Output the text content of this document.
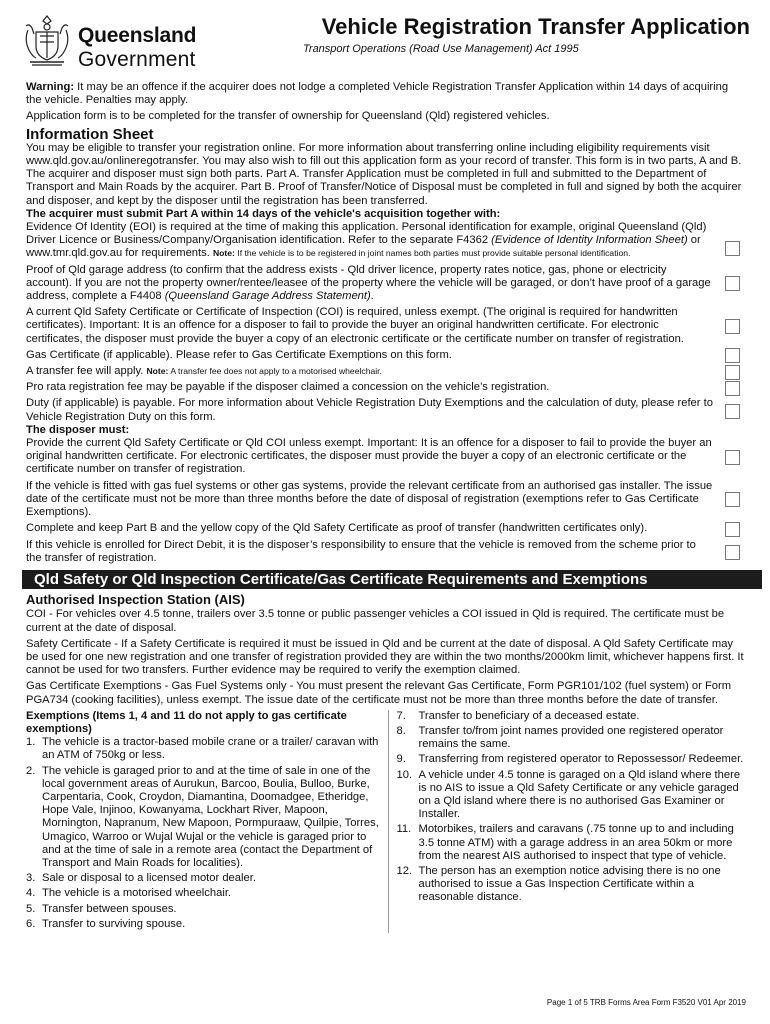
Queensland
Government
Vehicle Registration Transfer Application
Transport Operations (Road Use Management) Act 1995

Warning: It may be an offence if the acquirer does not lodge a completed Vehicle Registration Transfer Application within 14 days of acquiring the vehicle. Penalties may apply.

Application form is to be completed for the transfer of ownership for Queensland (Qld) registered vehicles.

Information Sheet

You may be eligible to transfer your registration online. For more information about transferring online including eligibility requirements visit www.qld.gov.au/onlineregotransfer. You may also wish to fill out this application form as your record of transfer. This form is in two parts, A and B. The acquirer and disposer must sign both parts. Part A. Transfer Application must be completed in full and submitted to the Department of Transport and Main Roads by the acquirer. Part B. Proof of Transfer/Notice of Disposal must be completed in full and signed by both the acquirer and disposer, and kept by the disposer until the registration has been transferred.

The acquirer must submit Part A within 14 days of the vehicle's acquisition together with:
Evidence Of Identity (EOI) is required at the time of making this application. Personal identification for example, original Queensland (Qld) Driver Licence or Business/Company/Organisation identification. Refer to the separate F4362 (Evidence of Identity Information Sheet) or www.tmr.qld.gov.au for requirements. Note: If the vehicle is to be registered in joint names both parties must provide suitable personal identification.
Proof of Qld garage address (to confirm that the address exists - Qld driver licence, property rates notice, gas, phone or electricity account). If you are not the property owner/rentee/leasee of the property where the vehicle will be garaged, or don’t have proof of a garage address, complete a F4408 (Queensland Garage Address Statement).
A current Qld Safety Certificate or Certificate of Inspection (COI) is required, unless exempt. (The original is required for handwritten certificates). Important: It is an offence for a disposer to fail to provide the buyer an original handwritten certificate. For electronic certificates, the disposer must provide the buyer a copy of an electronic certificate or the certificate number on transfer of registration.
Gas Certificate (if applicable). Please refer to Gas Certificate Exemptions on this form.
A transfer fee will apply. Note: A transfer fee does not apply to a motorised wheelchair.
Pro rata registration fee may be payable if the disposer claimed a concession on the vehicle’s registration.
Duty (if applicable) is payable. For more information about Vehicle Registration Duty Exemptions and the calculation of duty, please refer to Vehicle Registration Duty on this form.
The disposer must:
Provide the current Qld Safety Certificate or Qld COI unless exempt. Important: It is an offence for a disposer to fail to provide the buyer an original handwritten certificate. For electronic certificates, the disposer must provide the buyer a copy of an electronic certificate or the certificate number on transfer of registration.
If the vehicle is fitted with gas fuel systems or other gas systems, provide the relevant certificate from an authorised gas installer. The issue date of the certificate must not be more than three months before the date of disposal of registration (exemptions refer to Gas Certificate Exemptions).
Complete and keep Part B and the yellow copy of the Qld Safety Certificate as proof of transfer (handwritten certificates only).
If this vehicle is enrolled for Direct Debit, it is the disposer’s responsibility to ensure that the vehicle is removed from the scheme prior to the transfer of registration.
Qld Safety or Qld Inspection Certificate/Gas Certificate Requirements and Exemptions
Authorised Inspection Station (AIS)

COI - For vehicles over 4.5 tonne, trailers over 3.5 tonne or public passenger vehicles a COI issued in Qld is required. The certificate must be current at the date of disposal.

Safety Certificate - If a Safety Certificate is required it must be issued in Qld and be current at the date of disposal. A Qld Safety Certificate may be used for one new registration and one transfer of registration provided they are within the two months/2000km limit, whichever happens first. It cannot be used for two transfers. Further evidence may be required to verify the exemption claimed.

Gas Certificate Exemptions - Gas Fuel Systems only - You must present the relevant Gas Certificate, Form PGR101/102 (fuel system) or Form PGA734 (cooking facilities), unless exempt. The issue date of the certificate must not be more than three months before the date of transfer.

Exemptions (Items 1, 4 and 11 do not apply to gas certificate exemptions)
1. The vehicle is a tractor-based mobile crane or a trailer/ caravan with an ATM of 750kg or less.
2. The vehicle is garaged prior to and at the time of sale in one of the local government areas of Aurukun, Barcoo, Boulia, Bulloo, Burke, Carpentaria, Cook, Croydon, Diamantina, Doomadgee, Etheridge, Hope Vale, Injinoo, Kowanyama, Lockhart River, Mapoon, Mornington, Napranum, New Mapoon, Pormpuraaw, Quilpie, Torres, Umagico, Warroo or Wujal Wujal or the vehicle is garaged prior to and at the time of sale in a remote area (contact the Department of Transport and Main Roads for localities).
3. Sale or disposal to a licensed motor dealer.
4. The vehicle is a motorised wheelchair.
5. Transfer between spouses.
6. Transfer to surviving spouse.
7. Transfer to beneficiary of a deceased estate.
8. Transfer to/from joint names provided one registered operator remains the same.
9. Transferring from registered operator to Repossessor/ Redeemer.
10. A vehicle under 4.5 tonne is garaged on a Qld island where there is no AIS to issue a Qld Safety Certificate or any vehicle garaged on a Qld island where there is no authorised Gas Examiner or Installer.
11. Motorbikes, trailers and caravans (.75 tonne up to and including 3.5 tonne ATM) with a garage address in an area 50km or more from the nearest AIS authorised to inspect that type of vehicle.
12. The person has an exemption notice advising there is no one authorised to issue a Gas Inspection Certificate within a reasonable distance.
Page 1 of 5 TRB Forms Area Form F3520 V01 Apr 2019
